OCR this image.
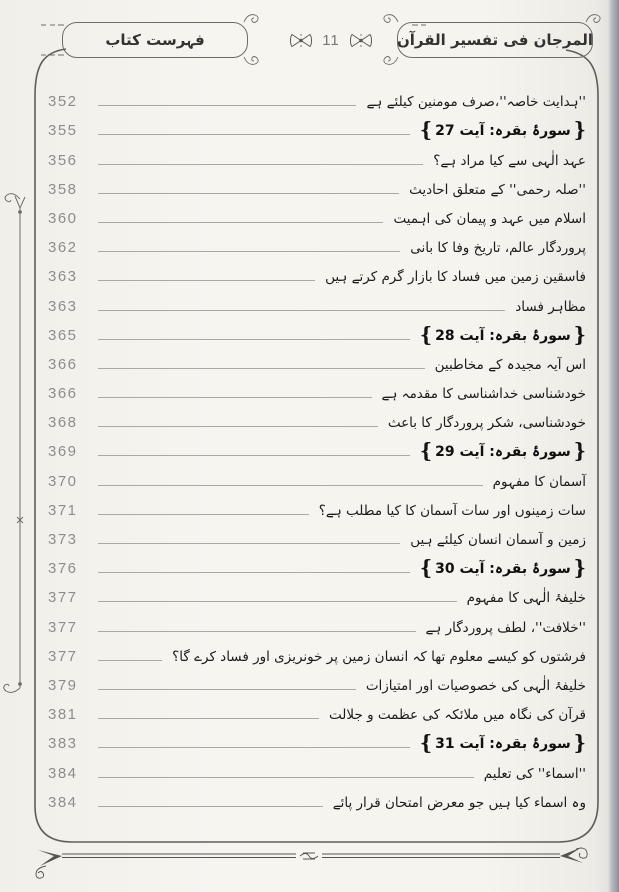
المرجان فی تفسیر القرآن
11
فہرست کتاب
352	''ہدایت خاصہ''،صرف مومنین کیلئے ہے
355	{ سورۂ بقرہ: آیت 27 }
356	عہد الٰہی سے کیا مراد ہے؟
358	''صلہ رحمی'' کے متعلق احادیث
360	اسلام میں عہد و پیمان کی اہمیت
362	پروردگار عالم، تاریخ وفا کا بانی
363	فاسقین زمین میں فساد کا بازار گرم کرتے ہیں
363	مظاہر فساد
365	{ سورۂ بقرہ: آیت 28 }
366	اس آیہ مجیدہ کے مخاطبین
366	خودشناسی خداشناسی کا مقدمہ ہے
368	خودشناسی، شکر پروردگار کا باعث
369	{ سورۂ بقرہ: آیت 29 }
370	آسمان کا مفہوم
371	سات زمینوں اور سات آسمان کا کیا مطلب ہے؟
373	زمین و آسمان انسان کیلئے ہیں
376	{ سورۂ بقرہ: آیت 30 }
377	خلیفۂ الٰہی کا مفہوم
377	''خلافت''، لطف پروردگار ہے
377	فرشتوں کو کیسے معلوم تھا کہ انسان زمین پر خونریزی اور فساد کرے گا؟
379	خلیفۂ الٰہی کی خصوصیات اور امتیازات
381	قرآن کی نگاہ میں ملائکہ کی عظمت و جلالت
383	{ سورۂ بقرہ: آیت 31 }
384	''اسماء'' کی تعلیم
384	وہ اسماء کیا ہیں جو معرض امتحان قرار پائے
